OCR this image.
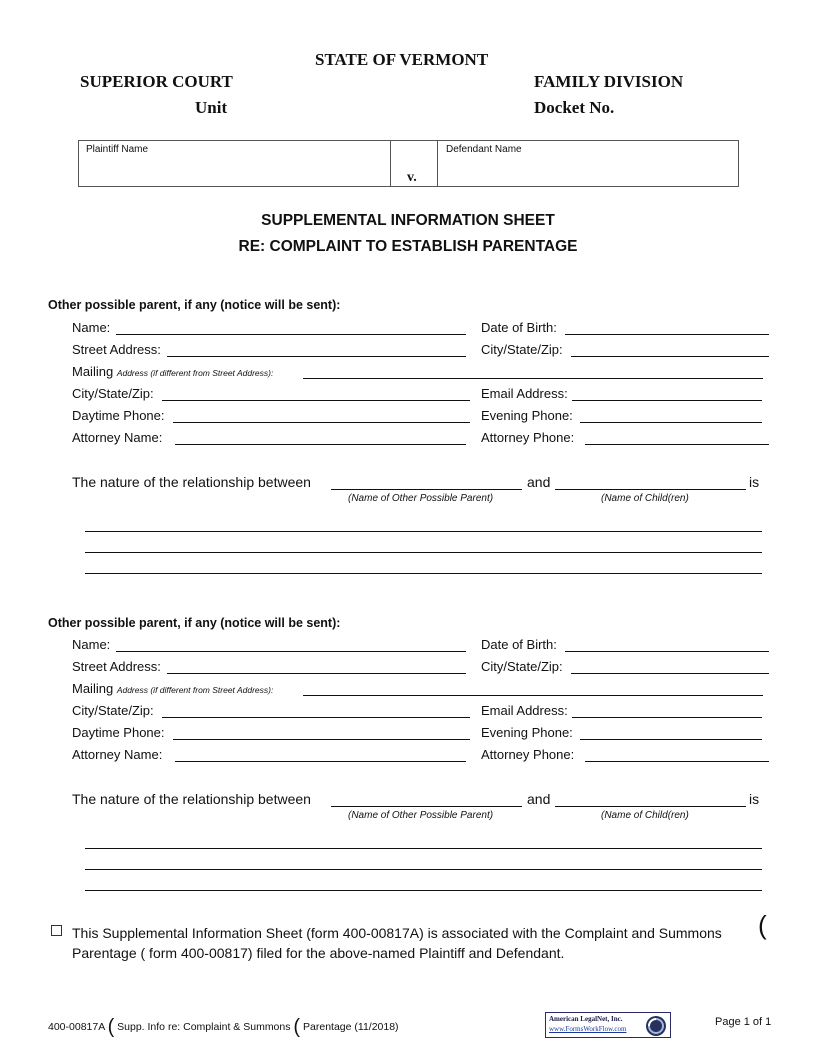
STATE OF VERMONT
SUPERIOR COURT	FAMILY DIVISION
Unit	Docket No.
Plaintiff Name
v.
Defendant Name
SUPPLEMENTAL INFORMATION SHEET
RE: COMPLAINT TO ESTABLISH PARENTAGE
Other possible parent, if any (notice will be sent):
Name:	Date of Birth:
Street Address:	City/State/Zip:
Mailing Address (if different from Street Address):
City/State/Zip:	Email Address:
Daytime Phone:	Evening Phone:
Attorney Name:	Attorney Phone:
The nature of the relationship between	and	is
(Name of Other Possible Parent)	(Name of Child(ren)
Other possible parent, if any (notice will be sent):
Name:	Date of Birth:
Street Address:	City/State/Zip:
Mailing Address (if different from Street Address):
City/State/Zip:	Email Address:
Daytime Phone:	Evening Phone:
Attorney Name:	Attorney Phone:
The nature of the relationship between	and	is
(Name of Other Possible Parent)	(Name of Child(ren)
This Supplemental Information Sheet (form 400-00817A) is associated with the Complaint and Summons (
Parentage ( form 400-00817) filed for the above-named Plaintiff and Defendant.
400-00817A ( Supp. Info re: Complaint & Summons ( Parentage (11/2018)
American LegalNet, Inc.
www.FormsWorkFlow.com
Page 1 of 1
